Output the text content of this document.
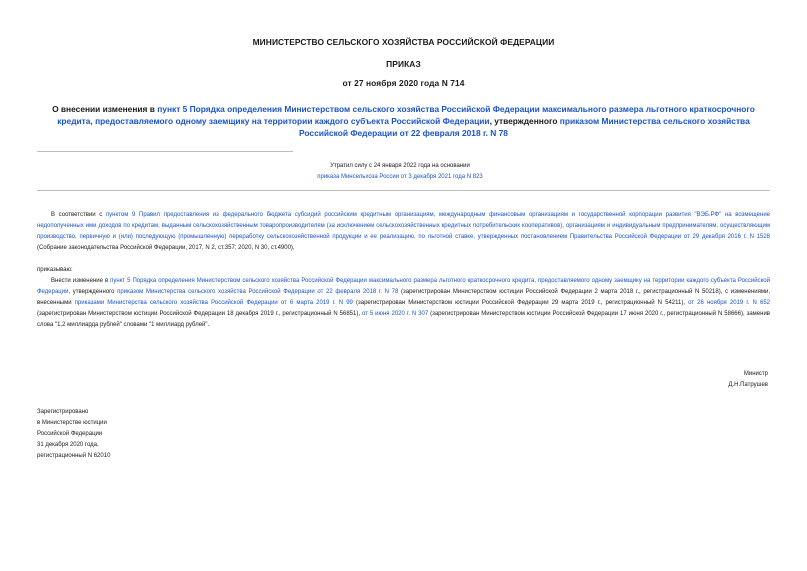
МИНИСТЕРСТВО СЕЛЬСКОГО ХОЗЯЙСТВА РОССИЙСКОЙ ФЕДЕРАЦИИ

ПРИКАЗ

от 27 ноября 2020 года N 714

О внесении изменения в пункт 5 Порядка определения Министерством сельского хозяйства Российской Федерации максимального размера льготного краткосрочного кредита, предоставляемого одному заемщику на территории каждого субъекта Российской Федерации, утвержденного приказом Министерства сельского хозяйства Российской Федерации от 22 февраля 2018 г. N 78

Утратил силу с 24 января 2022 года на основании
приказа Минсельхоза России от 3 декабря 2021 года N 823

В соответствии с пунктом 9 Правил предоставления из федерального бюджета субсидий российским кредитным организациям, международным финансовым организациям и государственной корпорации развития "ВЭБ.РФ" на возмещение недополученных ими доходов по кредитам, выданным сельскохозяйственным товаропроизводителям (за исключением сельскохозяйственных кредитных потребительских кооперативов), организациям и индивидуальным предпринимателям, осуществляющим производство, первичную и (или) последующую (промышленную) переработку сельскохозяйственной продукции и ее реализацию, по льготной ставке, утвержденных постановлением Правительства Российской Федерации от 29 декабря 2016 г. N 1528 (Собрание законодательства Российской Федерации, 2017, N 2, ст.357; 2020, N 30, ст.4900),

приказываю:

Внести изменение в пункт 5 Порядка определения Министерством сельского хозяйства Российской Федерации максимального размера льготного краткосрочного кредита, предоставляемого одному заемщику на территории каждого субъекта Российской Федерации, утвержденного приказом Министерства сельского хозяйства Российской Федерации от 22 февраля 2018 г. N 78 (зарегистрирован Министерством юстиции Российской Федерации 2 марта 2018 г., регистрационный N 50218), с изменениями, внесенными приказами Министерства сельского хозяйства Российской Федерации от 6 марта 2019 г. N 99 (зарегистрирован Министерством юстиции Российской Федерации 29 марта 2019 г., регистрационный N 54211), от 26 ноября 2019 г. N 652 (зарегистрирован Министерством юстиции Российской Федерации 18 декабря 2019 г., регистрационный N 56851), от 5 июня 2020 г. N 307 (зарегистрирован Министерством юстиции Российской Федерации 17 июня 2020 г., регистрационный N 58666), заменив слова "1,2 миллиарда рублей" словами "1 миллиард рублей".

Министр
Д.Н.Патрушев

Зарегистрировано
в Министерстве юстиции
Российской Федерации
31 декабря 2020 года,
регистрационный N 62010
